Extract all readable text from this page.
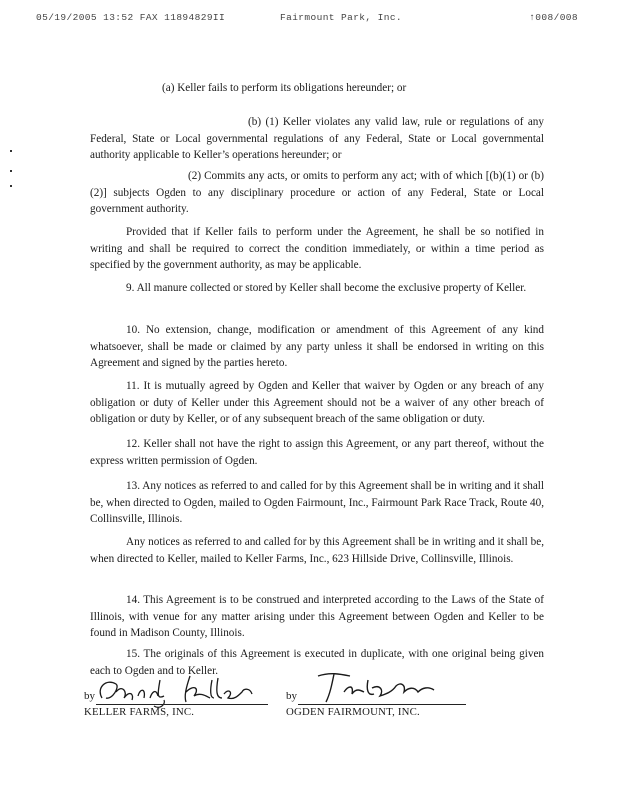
05/19/2005 13:52 FAX 11894829II	Fairmount Park, Inc.	↑008/008

(a) Keller fails to perform its obligations hereunder; or

(b) (1) Keller violates any valid law, rule or regulations of any Federal, State or Local governmental regulations of any Federal, State or Local governmental authority applicable to Keller’s operations hereunder; or

(2) Commits any acts, or omits to perform any act; with of which [(b)(1) or (b)(2)] subjects Ogden to any disciplinary procedure or action of any Federal, State or Local government authority.

Provided that if Keller fails to perform under the Agreement, he shall be so notified in writing and shall be required to correct the condition immediately, or within a time period as specified by the government authority, as may be applicable.

9. All manure collected or stored by Keller shall become the exclusive property of Keller.

10. No extension, change, modification or amendment of this Agreement of any kind whatsoever, shall be made or claimed by any party unless it shall be endorsed in writing on this Agreement and signed by the parties hereto.

11. It is mutually agreed by Ogden and Keller that waiver by Ogden or any breach of any obligation or duty of Keller under this Agreement should not be a waiver of any other breach of obligation or duty by Keller, or of any subsequent breach of the same obligation or duty.

12. Keller shall not have the right to assign this Agreement, or any part thereof, without the express written permission of Ogden.

13. Any notices as referred to and called for by this Agreement shall be in writing and it shall be, when directed to Ogden, mailed to Ogden Fairmount, Inc., Fairmount Park Race Track, Route 40, Collinsville, Illinois.

Any notices as referred to and called for by this Agreement shall be in writing and it shall be, when directed to Keller, mailed to Keller Farms, Inc., 623 Hillside Drive, Collinsville, Illinois.

14. This Agreement is to be construed and interpreted according to the Laws of the State of Illinois, with venue for any matter arising under this Agreement between Ogden and Keller to be found in Madison County, Illinois.

15. The originals of this Agreement is executed in duplicate, with one original being given each to Ogden and to Keller.

by
KELLER FARMS, INC.
by
OGDEN FAIRMOUNT, INC.
